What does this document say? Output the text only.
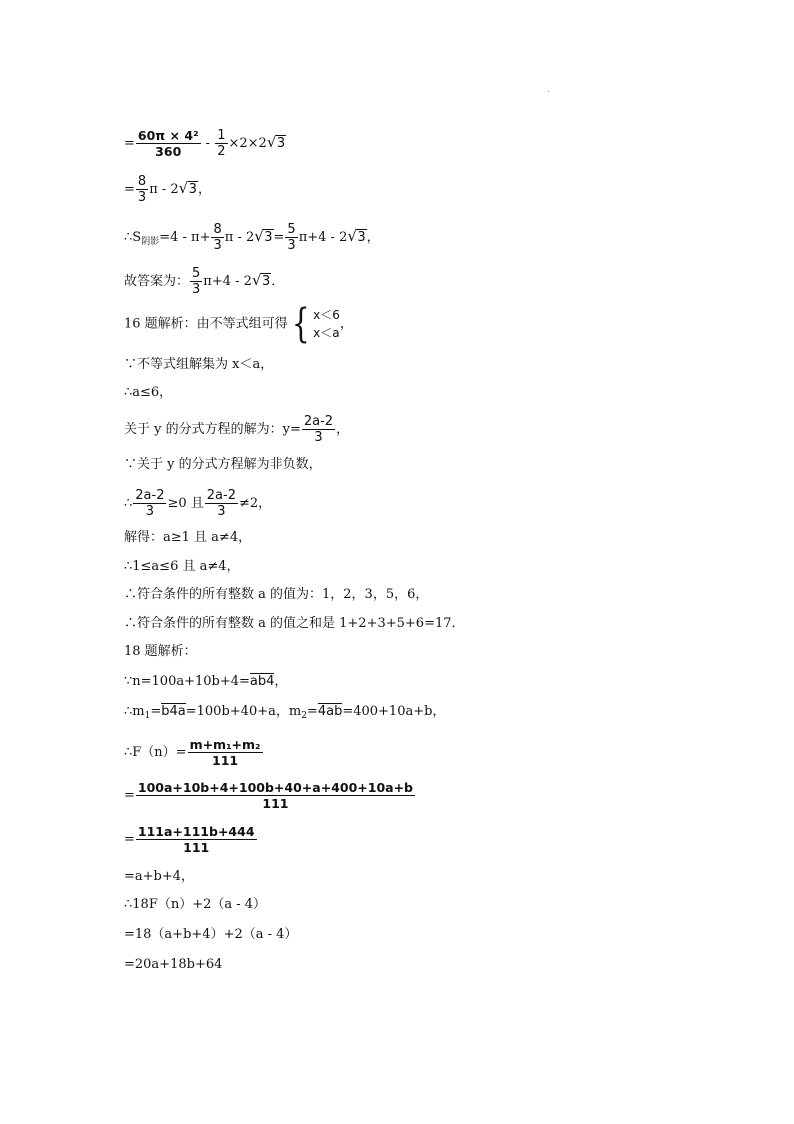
= $\frac{\text{60π × 4²}}{360} - \frac{1}{2} \times 2\times 2$ √ 3
= $\frac{8}{3}$ π - 2 √ 3，
$\therefore S_{阴影}=4 - \pi+ \frac{8}{3}$ π - 2 √ $3= \frac{5}{3} \pi+4 - 2$ √ 3，
故答案为： $\frac{5}{3} \pi+4 - 2$ √ 3．
16 题解析：由不等式组可得{ x＜6
x＜a
，
∵不等式组解集为 x＜a，
∴a≤6，
关于 y 的分式方程的解为：$y= \frac{2a-2}{3}$ ，
∵关于 y 的分式方程解为非负数，
∴ $\frac{2a-2}{3} \ge 0$ 且 $\frac{2a-2}{3} \ne 2$，
解得：a≥1 且 a≠4，
∴1≤a≤6 且 a≠4，
∴符合条件的所有整数 a 的值为：1，2，3，5，6，
∴符合条件的所有整数 a 的值之和是 1+2+3+5+6=17．
18 题解析：
∵n=100a+10b+4=ab4，
$\therefore m_1=b4a=100b+40+a$，$m_2=4ab=400+10a+b$，
∴F（n）= $\frac{\text{m+m₁+m₂}}{111}$
= $\frac{100a+10b+4+100b+40+a+400+10a+b}{111}$
= $\frac{111a+111b+444}{111}$
=a+b+4，
∴18F（n）+2（a - 4）
=18（a+b+4）+2（a - 4）
=20a+18b+64
